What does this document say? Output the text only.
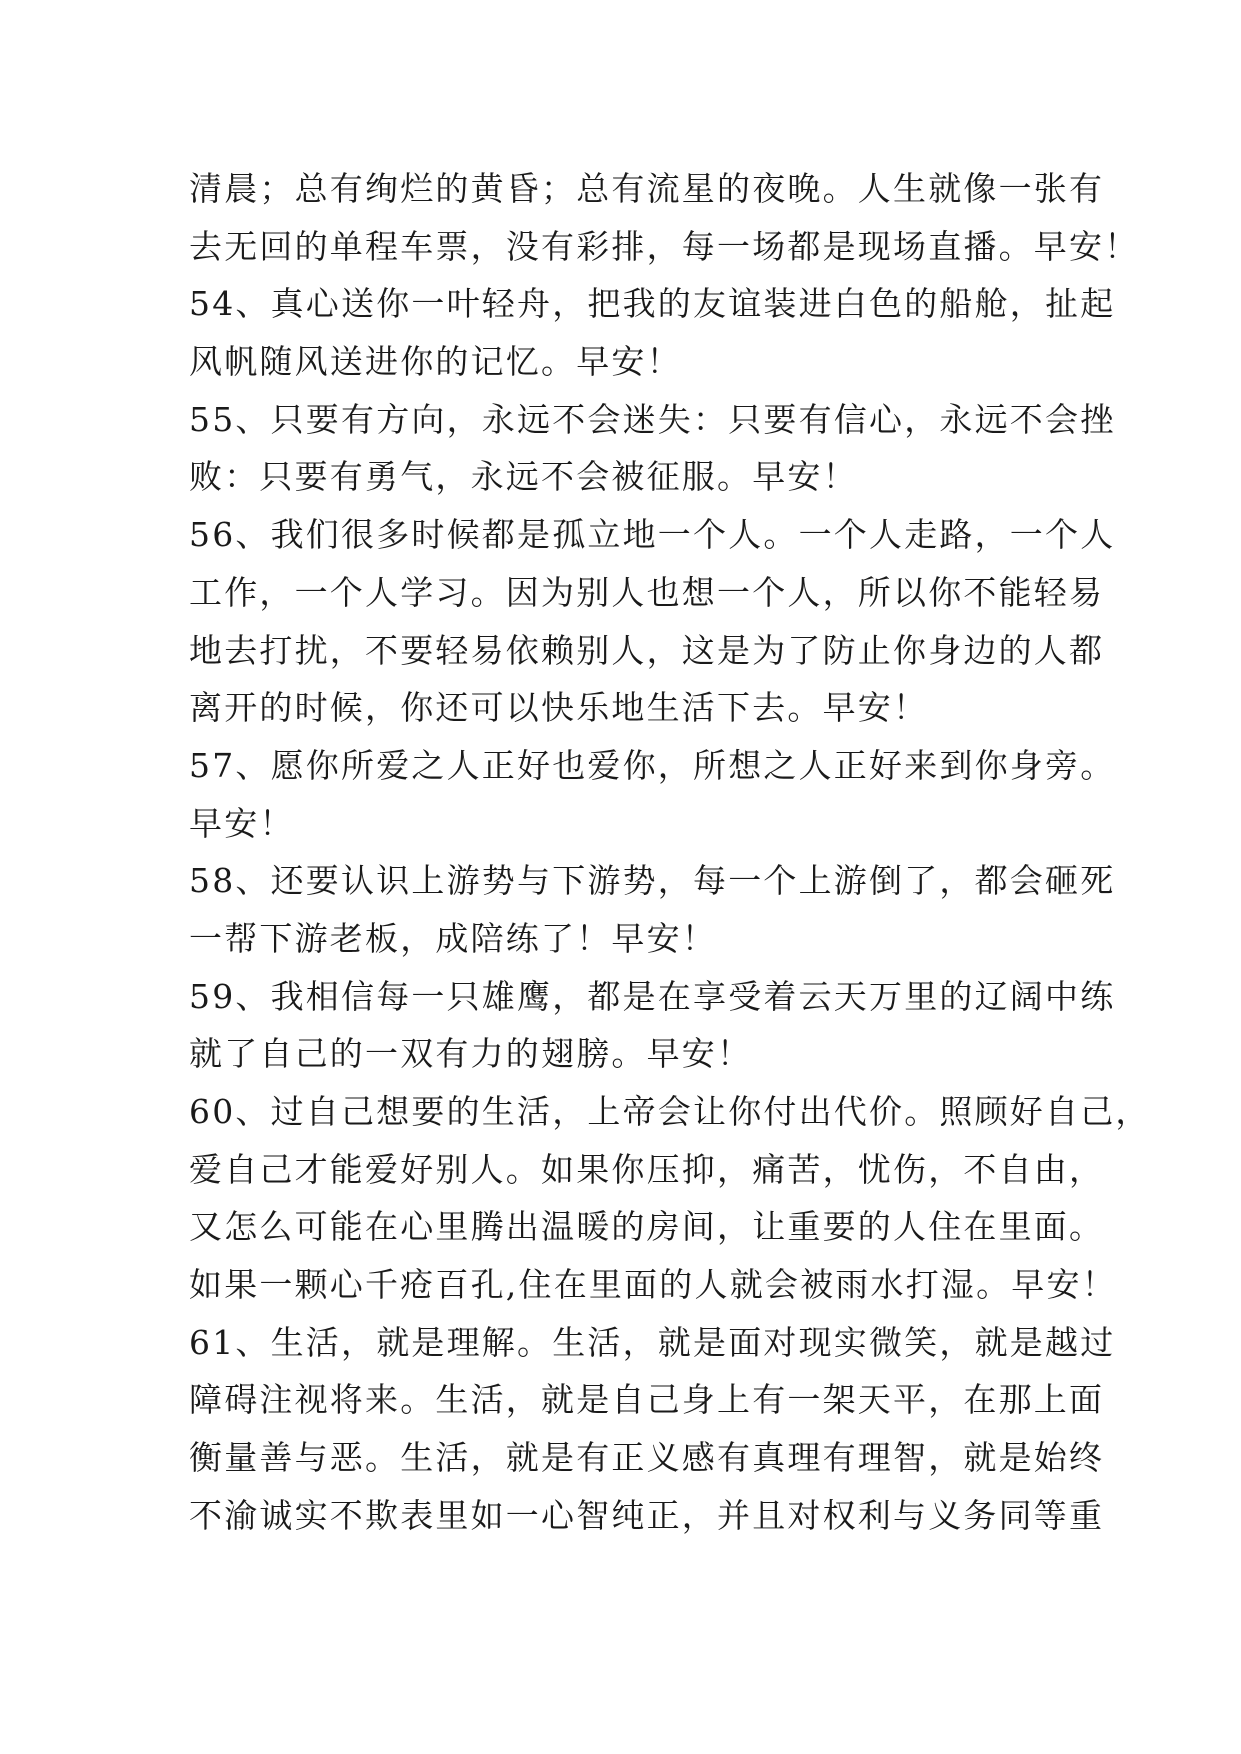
清晨；总有绚烂的黄昏；总有流星的夜晚。人生就像一张有
去无回的单程车票，没有彩排，每一场都是现场直播。早安！
54、真心送你一叶轻舟，把我的友谊装进白色的船舱，扯起
风帆随风送进你的记忆。早安！
55、只要有方向，永远不会迷失：只要有信心，永远不会挫
败：只要有勇气，永远不会被征服。早安！
56、我们很多时候都是孤立地一个人。一个人走路，一个人
工作，一个人学习。因为别人也想一个人，所以你不能轻易
地去打扰，不要轻易依赖别人，这是为了防止你身边的人都
离开的时候，你还可以快乐地生活下去。早安！
57、愿你所爱之人正好也爱你，所想之人正好来到你身旁。
早安！
58、还要认识上游势与下游势，每一个上游倒了，都会砸死
一帮下游老板，成陪练了！早安！
59、我相信每一只雄鹰，都是在享受着云天万里的辽阔中练
就了自己的一双有力的翅膀。早安！
60、过自己想要的生活，上帝会让你付出代价。照顾好自己，
爱自己才能爱好别人。如果你压抑，痛苦，忧伤，不自由，
又怎么可能在心里腾出温暖的房间，让重要的人住在里面。
如果一颗心千疮百孔,住在里面的人就会被雨水打湿。早安！
61、生活，就是理解。生活，就是面对现实微笑，就是越过
障碍注视将来。生活，就是自己身上有一架天平，在那上面
衡量善与恶。生活，就是有正义感有真理有理智，就是始终
不渝诚实不欺表里如一心智纯正，并且对权利与义务同等重
